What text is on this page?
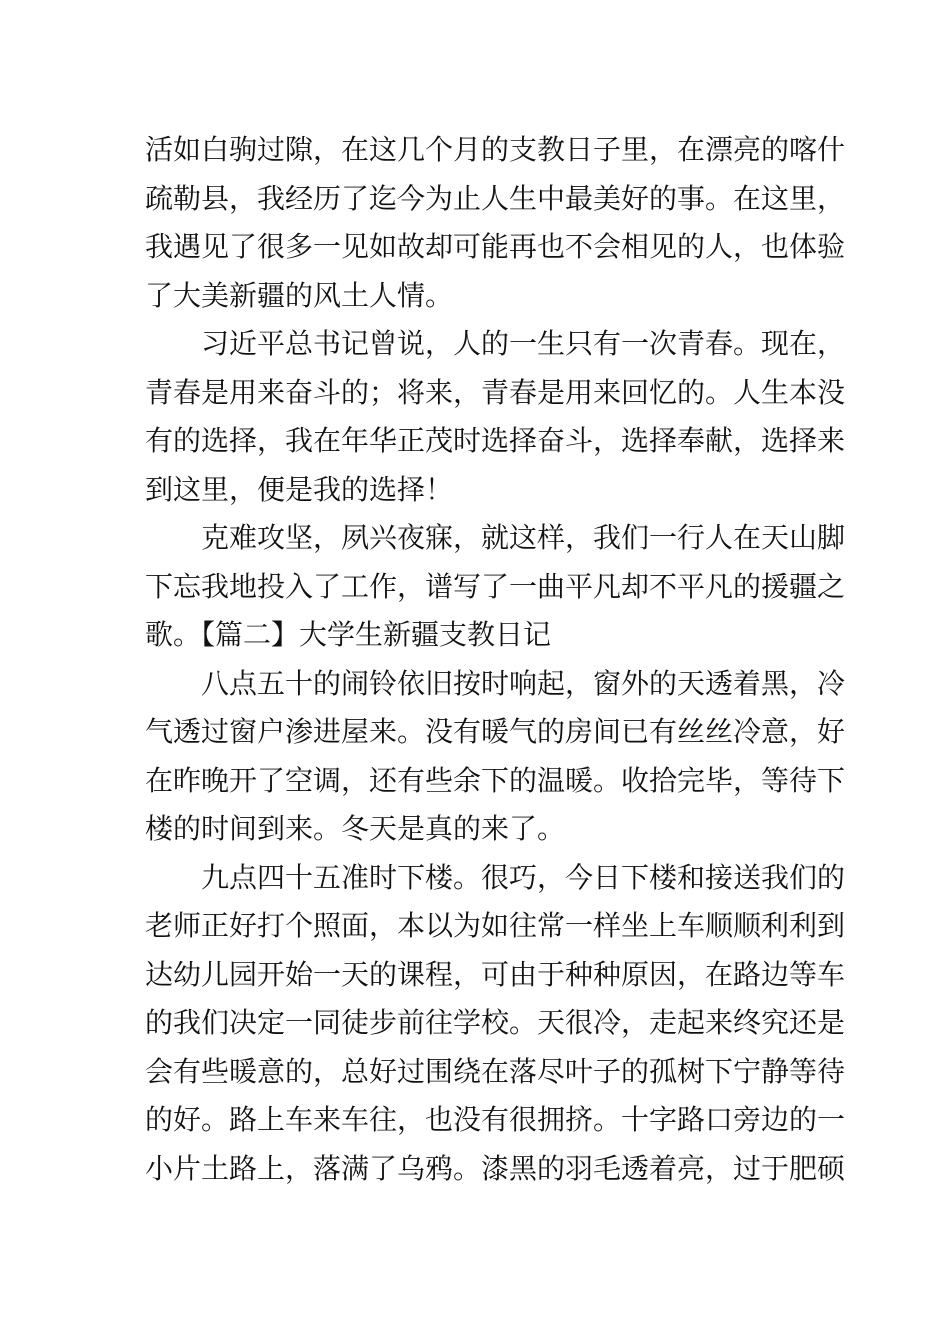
活如白驹过隙，在这几个月的支教日子里，在漂亮的喀什
疏勒县，我经历了迄今为止人生中最美好的事。在这里，
我遇见了很多一见如故却可能再也不会相见的人，也体验
了大美新疆的风土人情。

习近平总书记曾说，人的一生只有一次青春。现在，
青春是用来奋斗的；将来，青春是用来回忆的。人生本没
有的选择，我在年华正茂时选择奋斗，选择奉献，选择来
到这里，便是我的选择！

克难攻坚，夙兴夜寐，就这样，我们一行人在天山脚
下忘我地投入了工作，谱写了一曲平凡却不平凡的援疆之
歌。【篇二】大学生新疆支教日记

八点五十的闹铃依旧按时响起，窗外的天透着黑，冷
气透过窗户渗进屋来。没有暖气的房间已有丝丝冷意，好
在昨晚开了空调，还有些余下的温暖。收拾完毕，等待下
楼的时间到来。冬天是真的来了。

九点四十五准时下楼。很巧，今日下楼和接送我们的
老师正好打个照面，本以为如往常一样坐上车顺顺利利到
达幼儿园开始一天的课程，可由于种种原因，在路边等车
的我们决定一同徒步前往学校。天很冷，走起来终究还是
会有些暖意的，总好过围绕在落尽叶子的孤树下宁静等待
的好。路上车来车往，也没有很拥挤。十字路口旁边的一
小片土路上，落满了乌鸦。漆黑的羽毛透着亮，过于肥硕
